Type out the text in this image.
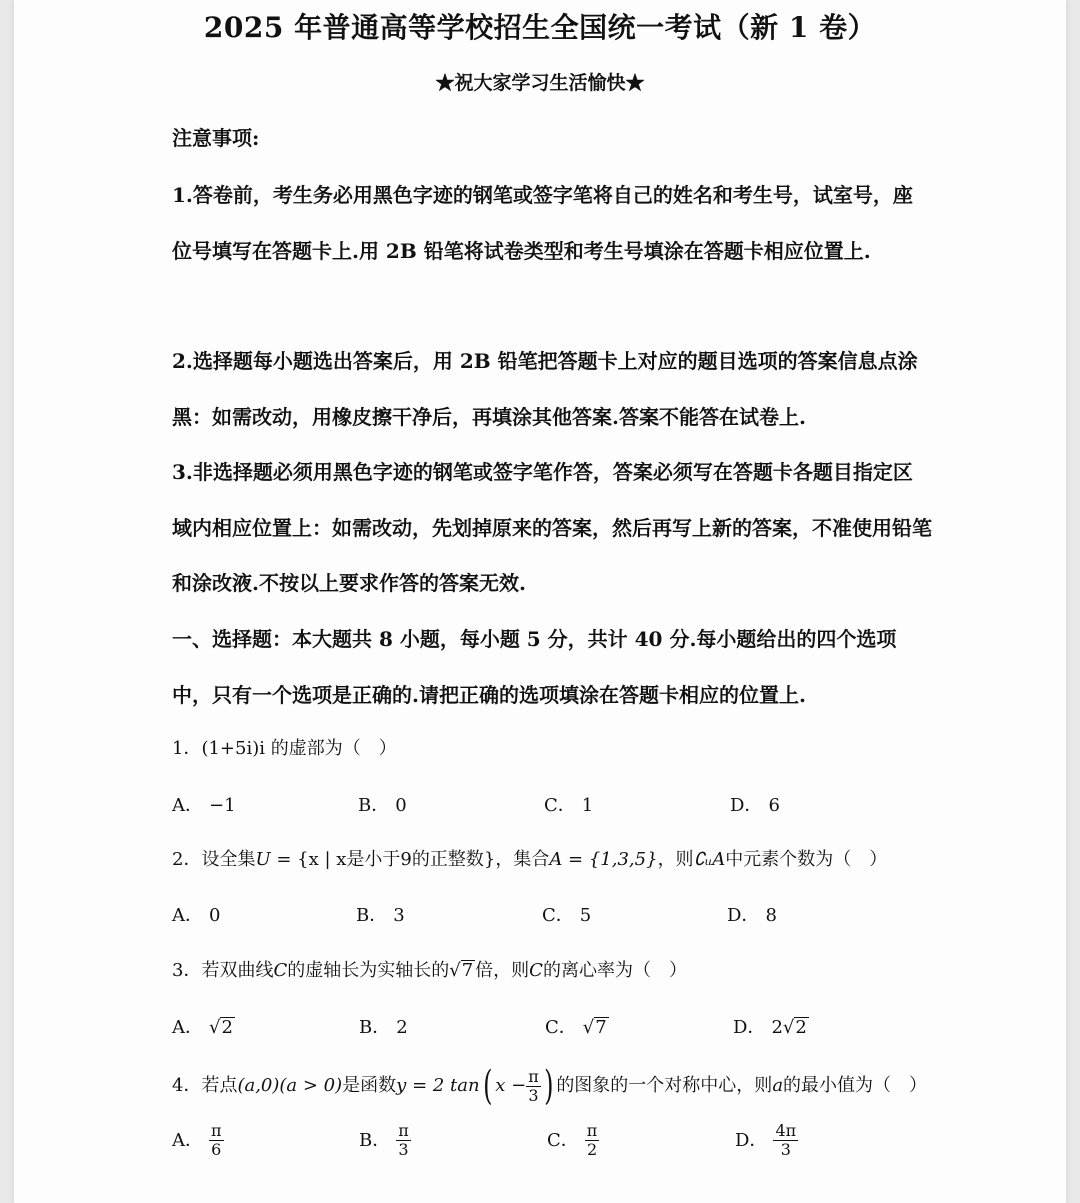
2025 年普通高等学校招生全国统一考试（新 1 卷）
★祝大家学习生活愉快★
注意事项:
1.答卷前，考生务必用黑色字迹的钢笔或签字笔将自己的姓名和考生号，试室号，座位号填写在答题卡上.用 2B 铅笔将试卷类型和考生号填涂在答题卡相应位置上.
2.选择题每小题选出答案后，用 2B 铅笔把答题卡上对应的题目选项的答案信息点涂黑：如需改动，用橡皮擦干净后，再填涂其他答案.答案不能答在试卷上.
3.非选择题必须用黑色字迹的钢笔或签字笔作答，答案必须写在答题卡各题目指定区域内相应位置上：如需改动，先划掉原来的答案，然后再写上新的答案，不准使用铅笔和涂改液.不按以上要求作答的答案无效.
一、选择题：本大题共 8 小题，每小题 5 分，共计 40 分.每小题给出的四个选项中，只有一个选项是正确的.请把正确的选项填涂在答题卡相应的位置上.
1．(1+5i)i 的虚部为（　）
A． −1	B． 0	C． 1	D． 6
2．设全集U = {x | x是小于9的正整数}，集合A = {1,3,5}，则∁ᵤA中元素个数为（　）
A． 0	B． 3	C． 5	D． 8
3．若双曲线C的虚轴长为实轴长的√7 倍，则C的离心率为（　）
A． √2	B． 2	C． √7	D． 2√2
4．若点(a,0)(a > 0)是函数y = 2 tan( $x - \frac{\pi}{3}$ ) 的图象的一个对称中心，则a的最小值为（　）
A． $\frac{\pi}{6}$	B． $\frac{\pi}{3}$	C． $\frac{\pi}{2}$	D． $\frac{4\pi}{3}$
